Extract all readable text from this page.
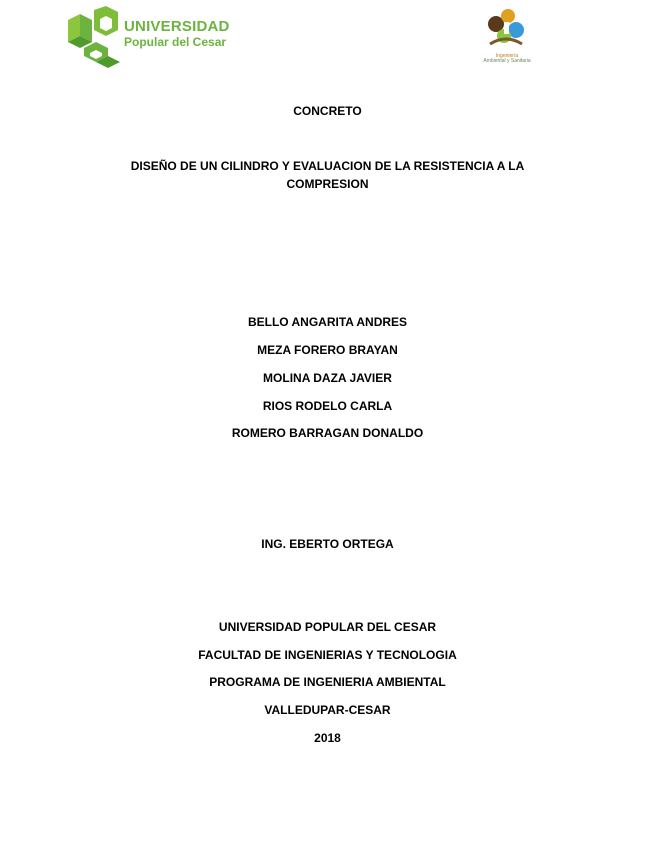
UNIVERSIDAD
Popular del Cesar
Ingeniería
Ambiental y Sanitaria
CONCRETO
DISEÑO DE UN CILINDRO Y EVALUACION DE LA RESISTENCIA A LA COMPRESION
BELLO ANGARITA ANDRES
MEZA FORERO BRAYAN
MOLINA DAZA JAVIER
RIOS RODELO CARLA
ROMERO BARRAGAN DONALDO
ING. EBERTO ORTEGA
UNIVERSIDAD POPULAR DEL CESAR
FACULTAD DE INGENIERIAS Y TECNOLOGIA
PROGRAMA DE INGENIERIA AMBIENTAL
VALLEDUPAR-CESAR
2018
